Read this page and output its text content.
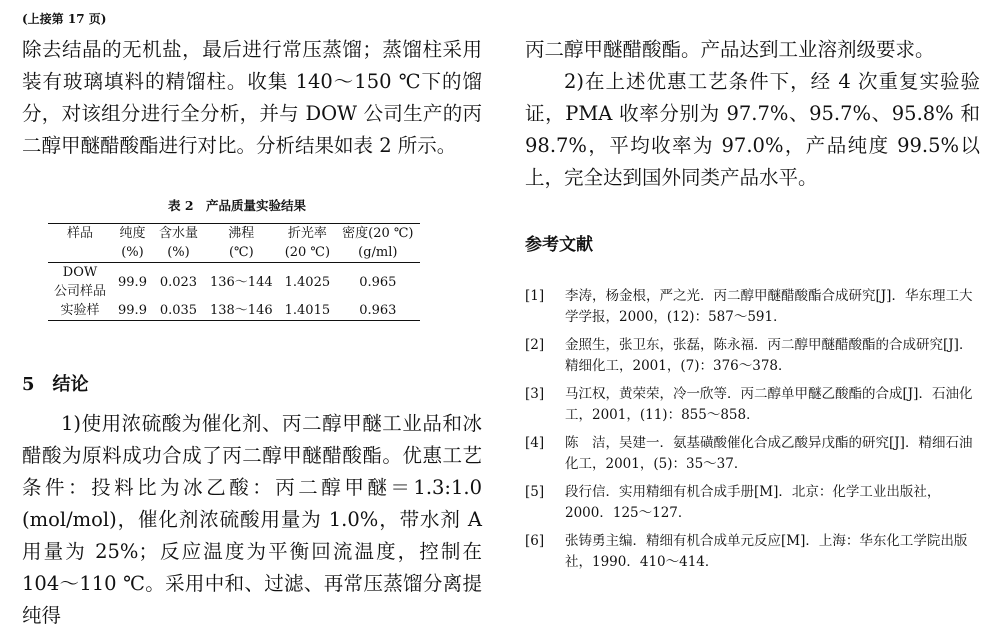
(上接第 17 页)

除去结晶的无机盐，最后进行常压蒸馏；蒸馏柱采用装有玻璃填料的精馏柱。收集 140～150 ℃下的馏分，对该组分进行全分析，并与 DOW 公司生产的丙二醇甲醚醋酸酯进行对比。分析结果如表 2 所示。

表 2　产品质量实验结果
样品	纯度	含水量	沸程	折光率	密度(20 ℃)
	(%)	(%)	(℃)	(20 ℃)	(g/ml)

DOW
公司样品	99.9	0.023	136～144	1.4025	0.965
实验样	99.9	0.035	138～146	1.4015	0.963
5　结论

1)使用浓硫酸为催化剂、丙二醇甲醚工业品和冰醋酸为原料成功合成了丙二醇甲醚醋酸酯。优惠工艺条件：投料比为冰乙酸：丙二醇甲醚＝1.3:1.0 (mol/mol)，催化剂浓硫酸用量为 1.0%，带水剂 A 用量为 25%；反应温度为平衡回流温度，控制在 104～110 ℃。采用中和、过滤、再常压蒸馏分离提纯得

丙二醇甲醚醋酸酯。产品达到工业溶剂级要求。

2)在上述优惠工艺条件下，经 4 次重复实验验证，PMA 收率分别为 97.7%、95.7%、95.8% 和 98.7%，平均收率为 97.0%，产品纯度 99.5%以上，完全达到国外同类产品水平。

参考文献
[1] 李涛，杨金根，严之光．丙二醇甲醚醋酸酯合成研究[J]．华东理工大学学报，2000，(12)：587～591．
[2] 金照生，张卫东，张磊，陈永福．丙二醇甲醚醋酸酯的合成研究[J]．精细化工，2001，(7)：376～378．
[3] 马江权，黄荣荣，冷一欣等．丙二醇单甲醚乙酸酯的合成[J]．石油化工，2001，(11)：855～858．
[4] 陈　洁，吴建一．氨基磺酸催化合成乙酸异戊酯的研究[J]．精细石油化工，2001，(5)：35～37．
[5] 段行信．实用精细有机合成手册[M]．北京：化学工业出版社，2000．125～127．
[6] 张铸勇主编．精细有机合成单元反应[M]．上海：华东化工学院出版社，1990．410～414．
